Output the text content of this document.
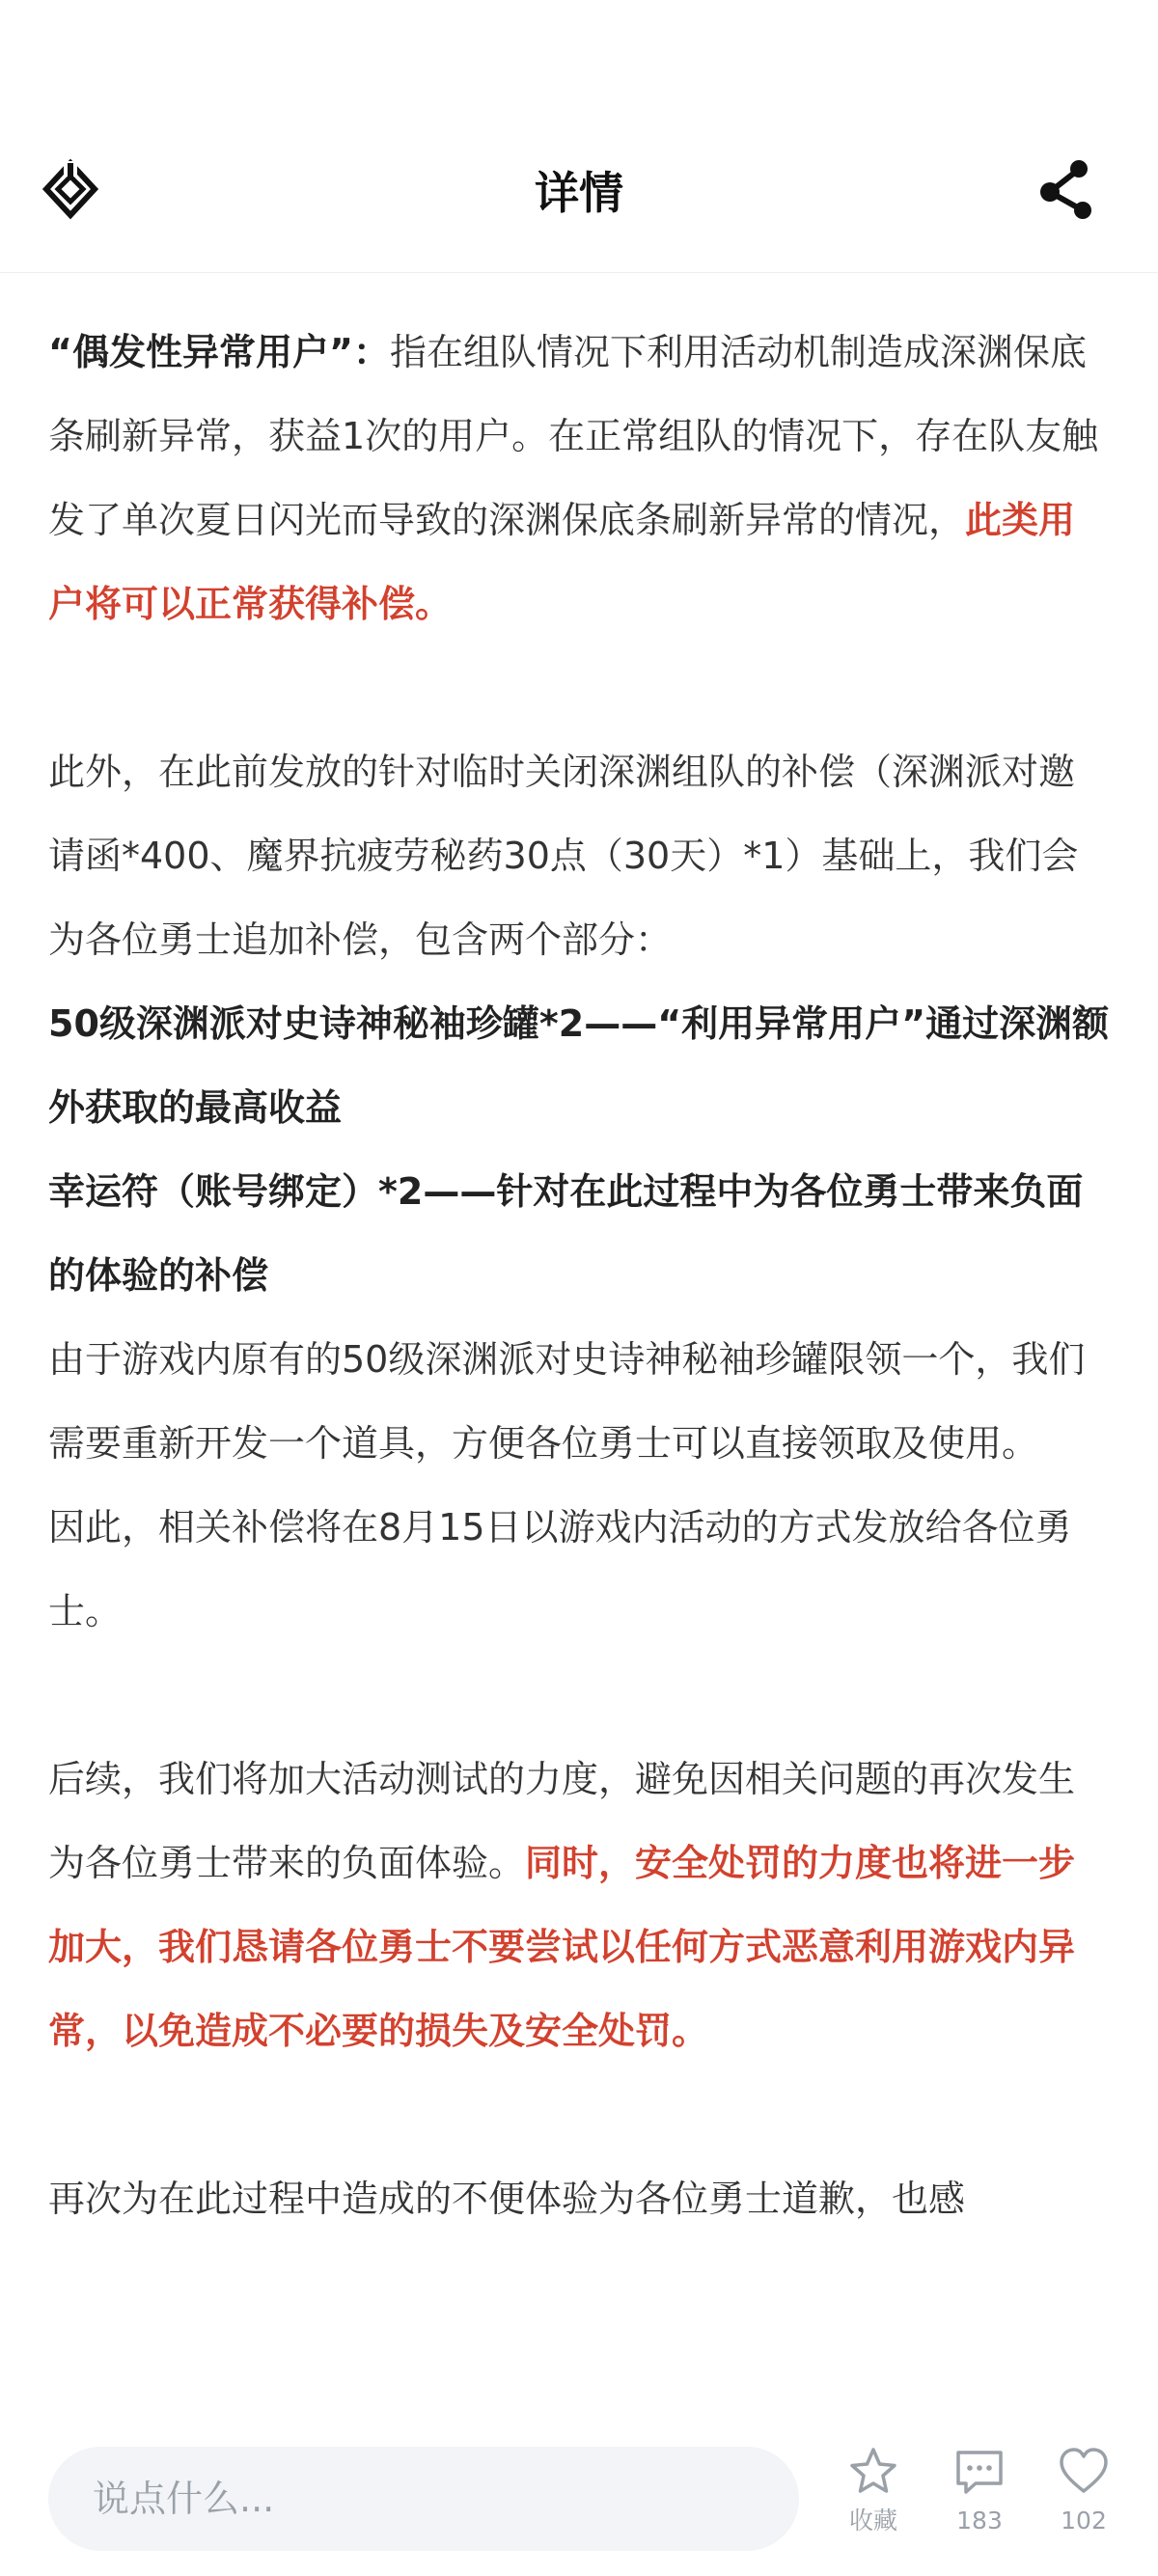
详情

“偶发性异常用户”：指在组队情况下利用活动机制造成深渊保底条刷新异常，获益1次的用户。在正常组队的情况下，存在队友触发了单次夏日闪光而导致的深渊保底条刷新异常的情况，此类用户将可以正常获得补偿。

此外，在此前发放的针对临时关闭深渊组队的补偿（深渊派对邀请函*400、魔界抗疲劳秘药30点（30天）*1）基础上，我们会为各位勇士追加补偿，包含两个部分：

50级深渊派对史诗神秘袖珍罐*2——“利用异常用户”通过深渊额外获取的最高收益

幸运符（账号绑定）*2——针对在此过程中为各位勇士带来负面的体验的补偿

由于游戏内原有的50级深渊派对史诗神秘袖珍罐限领一个，我们需要重新开发一个道具，方便各位勇士可以直接领取及使用。

因此，相关补偿将在8月15日以游戏内活动的方式发放给各位勇士。

后续，我们将加大活动测试的力度，避免因相关问题的再次发生为各位勇士带来的负面体验。同时，安全处罚的力度也将进一步加大，我们恳请各位勇士不要尝试以任何方式恶意利用游戏内异常，以免造成不必要的损失及安全处罚。

再次为在此过程中造成的不便体验为各位勇士道歉，也感

说点什么...
收藏	183	102
